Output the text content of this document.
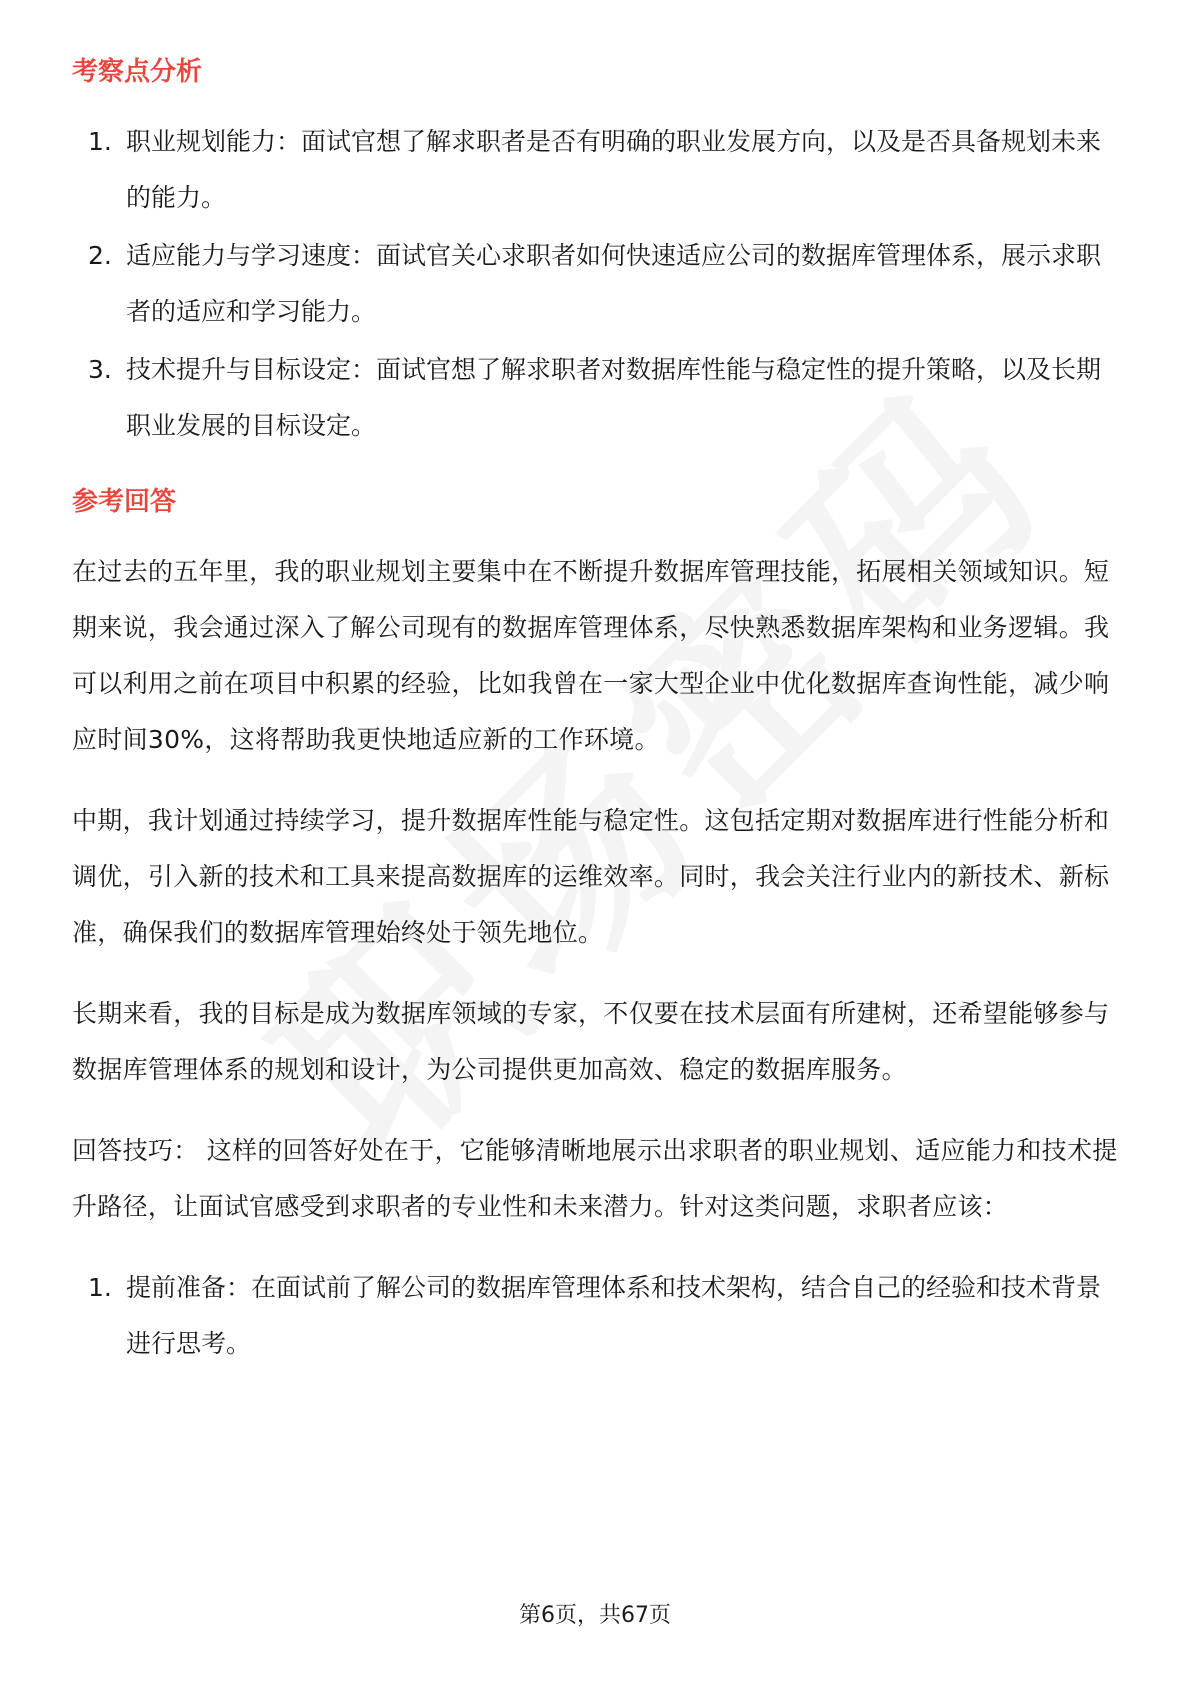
考察点分析
1. 职业规划能力：面试官想了解求职者是否有明确的职业发展方向，以及是否具备规划未来的能力。
2. 适应能力与学习速度：面试官关心求职者如何快速适应公司的数据库管理体系，展示求职者的适应和学习能力。
3. 技术提升与目标设定：面试官想了解求职者对数据库性能与稳定性的提升策略，以及长期职业发展的目标设定。
参考回答

在过去的五年里，我的职业规划主要集中在不断提升数据库管理技能，拓展相关领域知识。短期来说，我会通过深入了解公司现有的数据库管理体系，尽快熟悉数据库架构和业务逻辑。我可以利用之前在项目中积累的经验，比如我曾在一家大型企业中优化数据库查询性能，减少响应时间30%，这将帮助我更快地适应新的工作环境。

中期，我计划通过持续学习，提升数据库性能与稳定性。这包括定期对数据库进行性能分析和调优，引入新的技术和工具来提高数据库的运维效率。同时，我会关注行业内的新技术、新标准，确保我们的数据库管理始终处于领先地位。

长期来看，我的目标是成为数据库领域的专家，不仅要在技术层面有所建树，还希望能够参与数据库管理体系的规划和设计，为公司提供更加高效、稳定的数据库服务。

回答技巧： 这样的回答好处在于，它能够清晰地展示出求职者的职业规划、适应能力和技术提升路径，让面试官感受到求职者的专业性和未来潜力。针对这类问题，求职者应该：

1. 提前准备：在面试前了解公司的数据库管理体系和技术架构，结合自己的经验和技术背景进行思考。
第6页，共67页
